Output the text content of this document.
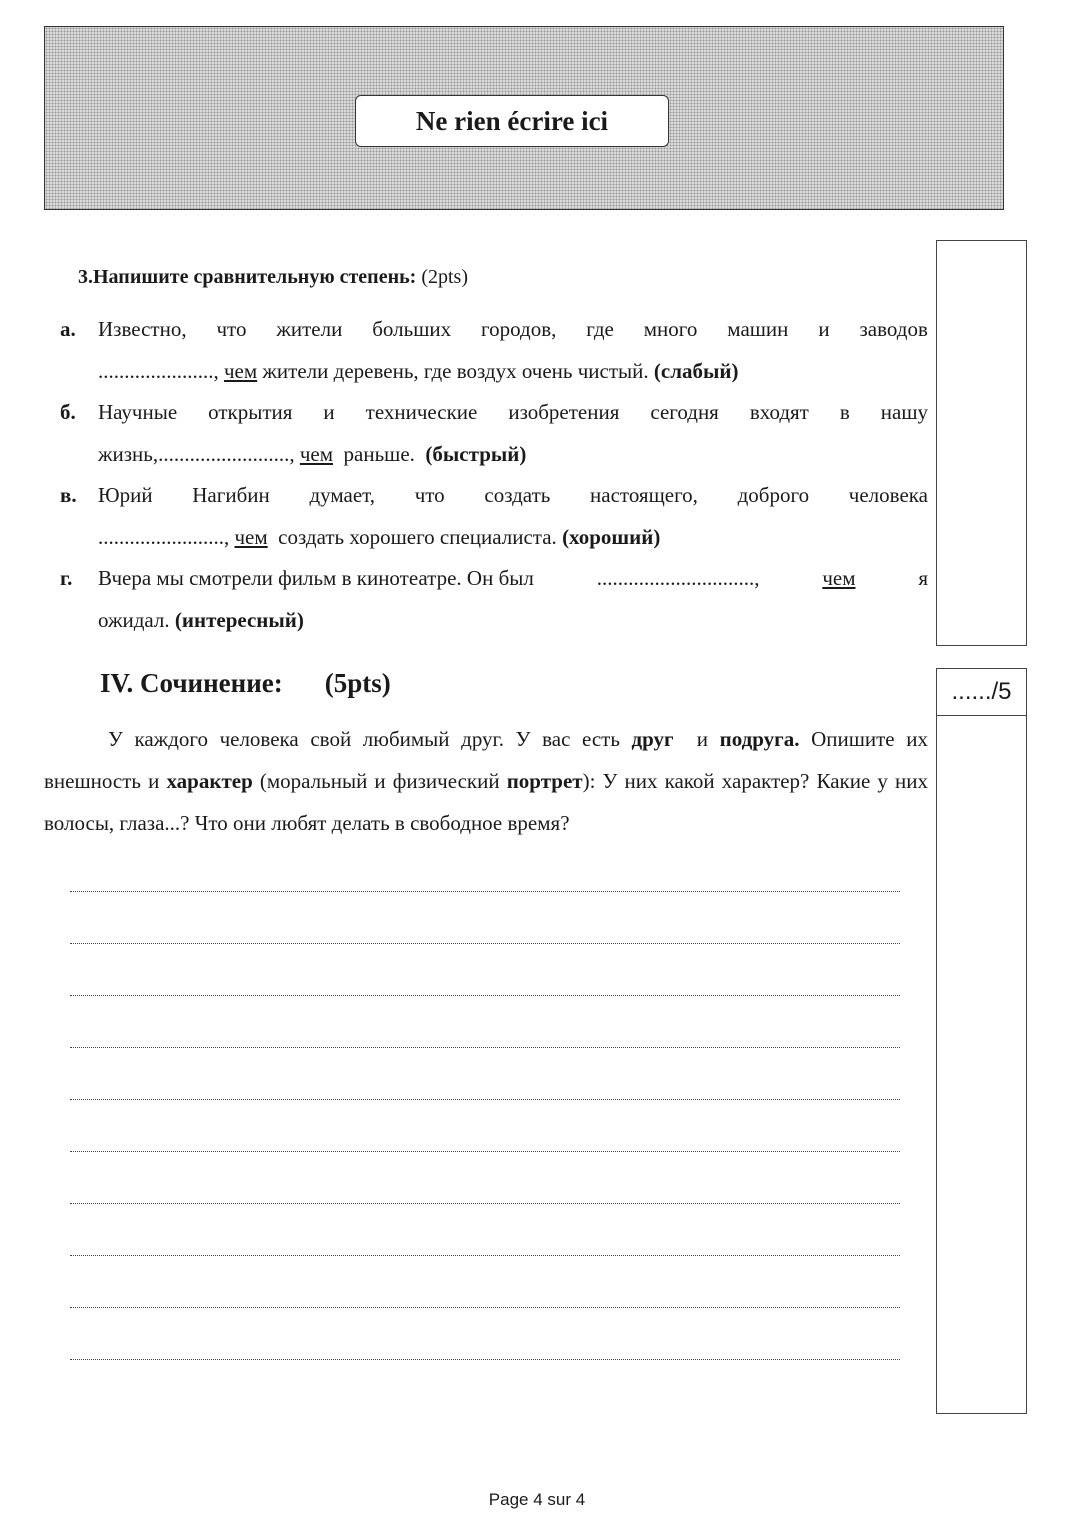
Ne rien écrire ici
....../5
3.Напишите сравнительную степень: (2pts)
а. Известно, что жители больших городов, где много машин и заводов
......................, чем жители деревень, где воздух очень чистый. (слабый)
б. Научные открытия и технические изобретения сегодня входят в нашу
жизнь,........................., чем  раньше.  (быстрый)
в. Юрий Нагибин думает, что создать настоящего, доброго человека
........................, чем  создать хорошего специалиста. (хороший)
г. Вчера мы смотрели фильм в кинотеатре. Он был	..............................,	чем	я
ожидал. (интересный)
IV. Сочинение: (5pts)
У каждого человека свой любимый друг. У вас есть друг  и подруга. Опишите их внешность и характер (моральный и физический портрет): У них какой характер? Какие у них волосы, глаза...? Что они любят делать в свободное время?
Page 4 sur 4
